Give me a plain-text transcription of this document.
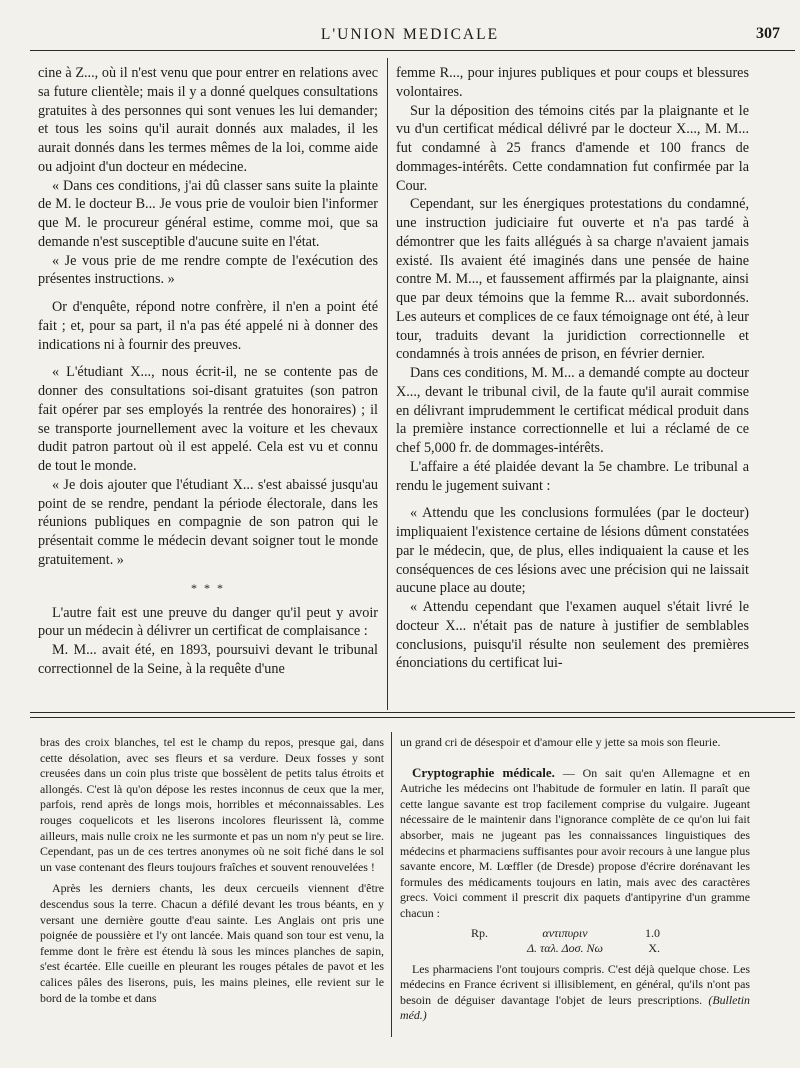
L'UNION MEDICALE	307

cine à Z..., où il n'est venu que pour entrer en relations avec sa future clientèle; mais il y a donné quelques consultations gratuites à des personnes qui sont venues les lui demander; et tous les soins qu'il aurait donnés aux malades, il les aurait donnés dans les termes mêmes de la loi, comme aide ou adjoint d'un docteur en médecine.

« Dans ces conditions, j'ai dû classer sans suite la plainte de M. le docteur B... Je vous prie de vouloir bien l'informer que M. le procureur général estime, comme moi, que sa demande n'est susceptible d'aucune suite en l'état.

« Je vous prie de me rendre compte de l'exécution des présentes instructions. »

Or d'enquête, répond notre confrère, il n'en a point été fait ; et, pour sa part, il n'a pas été appelé ni à donner des indications ni à fournir des preuves.

« L'étudiant X..., nous écrit-il, ne se contente pas de donner des consultations soi-disant gratuites (son patron fait opérer par ses employés la rentrée des honoraires) ; il se transporte journellement avec la voiture et les chevaux dudit patron partout où il est appelé. Cela est vu et connu de tout le monde.

« Je dois ajouter que l'étudiant X... s'est abaissé jusqu'au point de se rendre, pendant la période électorale, dans les réunions publiques en compagnie de son patron qui le présentait comme le médecin devant soigner tout le monde gratuitement. »

* * *

L'autre fait est une preuve du danger qu'il peut y avoir pour un médecin à délivrer un certificat de complaisance :

M. M... avait été, en 1893, poursuivi devant le tribunal correctionnel de la Seine, à la requête d'une

femme R..., pour injures publiques et pour coups et blessures volontaires.

Sur la déposition des témoins cités par la plaignante et le vu d'un certificat médical délivré par le docteur X..., M. M... fut condamné à 25 francs d'amende et 100 francs de dommages-intérêts. Cette condamnation fut confirmée par la Cour.

Cependant, sur les énergiques protestations du condamné, une instruction judiciaire fut ouverte et n'a pas tardé à démontrer que les faits allégués à sa charge n'avaient jamais existé. Ils avaient été imaginés dans une pensée de haine contre M. M..., et faussement affirmés par la plaignante, ainsi que par deux témoins que la femme R... avait subordonnés. Les auteurs et complices de ce faux témoignage ont été, à leur tour, traduits devant la juridiction correctionnelle et condamnés à trois années de prison, en février dernier.

Dans ces conditions, M. M... a demandé compte au docteur X..., devant le tribunal civil, de la faute qu'il aurait commise en délivrant imprudemment le certificat médical produit dans la première instance correctionnelle et lui a réclamé de ce chef 5,000 fr. de dommages-intérêts.

L'affaire a été plaidée devant la 5e chambre. Le tribunal a rendu le jugement suivant :

« Attendu que les conclusions formulées (par le docteur) impliquaient l'existence certaine de lésions dûment constatées par le médecin, que, de plus, elles indiquaient la cause et les conséquences de ces lésions avec une précision qui ne laissait aucune place au doute;

« Attendu cependant que l'examen auquel s'était livré le docteur X... n'était pas de nature à justifier de semblables conclusions, puisqu'il résulte non seulement des premières énonciations du certificat lui-

bras des croix blanches, tel est le champ du repos, presque gai, dans cette désolation, avec ses fleurs et sa verdure. Deux fosses y sont creusées dans un coin plus triste que bossèlent de petits talus étroits et allongés. C'est là qu'on dépose les restes inconnus de ceux que la mer, parfois, rend après de longs mois, horribles et méconnaissables. Les rouges coquelicots et les liserons incolores fleurissent là, comme ailleurs, mais nulle croix ne les surmonte et pas un nom n'y peut se lire. Cependant, pas un de ces tertres anonymes où ne soit fiché dans le sol un vase contenant des fleurs toujours fraîches et souvent renouvelées !

Après les derniers chants, les deux cercueils viennent d'être descendus sous la terre. Chacun a défilé devant les trous béants, en y versant une dernière goutte d'eau sainte. Les Anglais ont pris une poignée de poussière et l'y ont lancée. Mais quand son tour est venu, la femme dont le frère est étendu là sous les minces planches de sapin, s'est écartée. Elle cueille en pleurant les rouges pétales de pavot et les calices pâles des liserons, puis, les mains pleines, elle revient sur le bord de la tombe et dans

un grand cri de désespoir et d'amour elle y jette sa mois son fleurie.

Cryptographie médicale. — On sait qu'en Allemagne et en Autriche les médecins ont l'habitude de formuler en latin. Il paraît que cette langue savante est trop facilement comprise du vulgaire. Jugeant nécessaire de le maintenir dans l'ignorance complète de ce qu'on lui fait absorber, mais ne jugeant pas les connaissances linguistiques des médecins et pharmaciens suffisantes pour avoir recours à une langue plus savante encore, M. Lœffler (de Dresde) propose d'écrire dorénavant les formules des médicaments toujours en latin, mais avec des caractères grecs. Voici comment il prescrit dix paquets d'antipyrine d'un gramme chacun :

Rp.	αντιπυριν	1.0
Δ. ταλ. Δοσ. Nω	X.

Les pharmaciens l'ont toujours compris. C'est déjà quelque chose. Les médecins en France écrivent si illisiblement, en général, qu'ils n'ont pas besoin de déguiser davantage l'objet de leurs prescriptions. (Bulletin méd.)
